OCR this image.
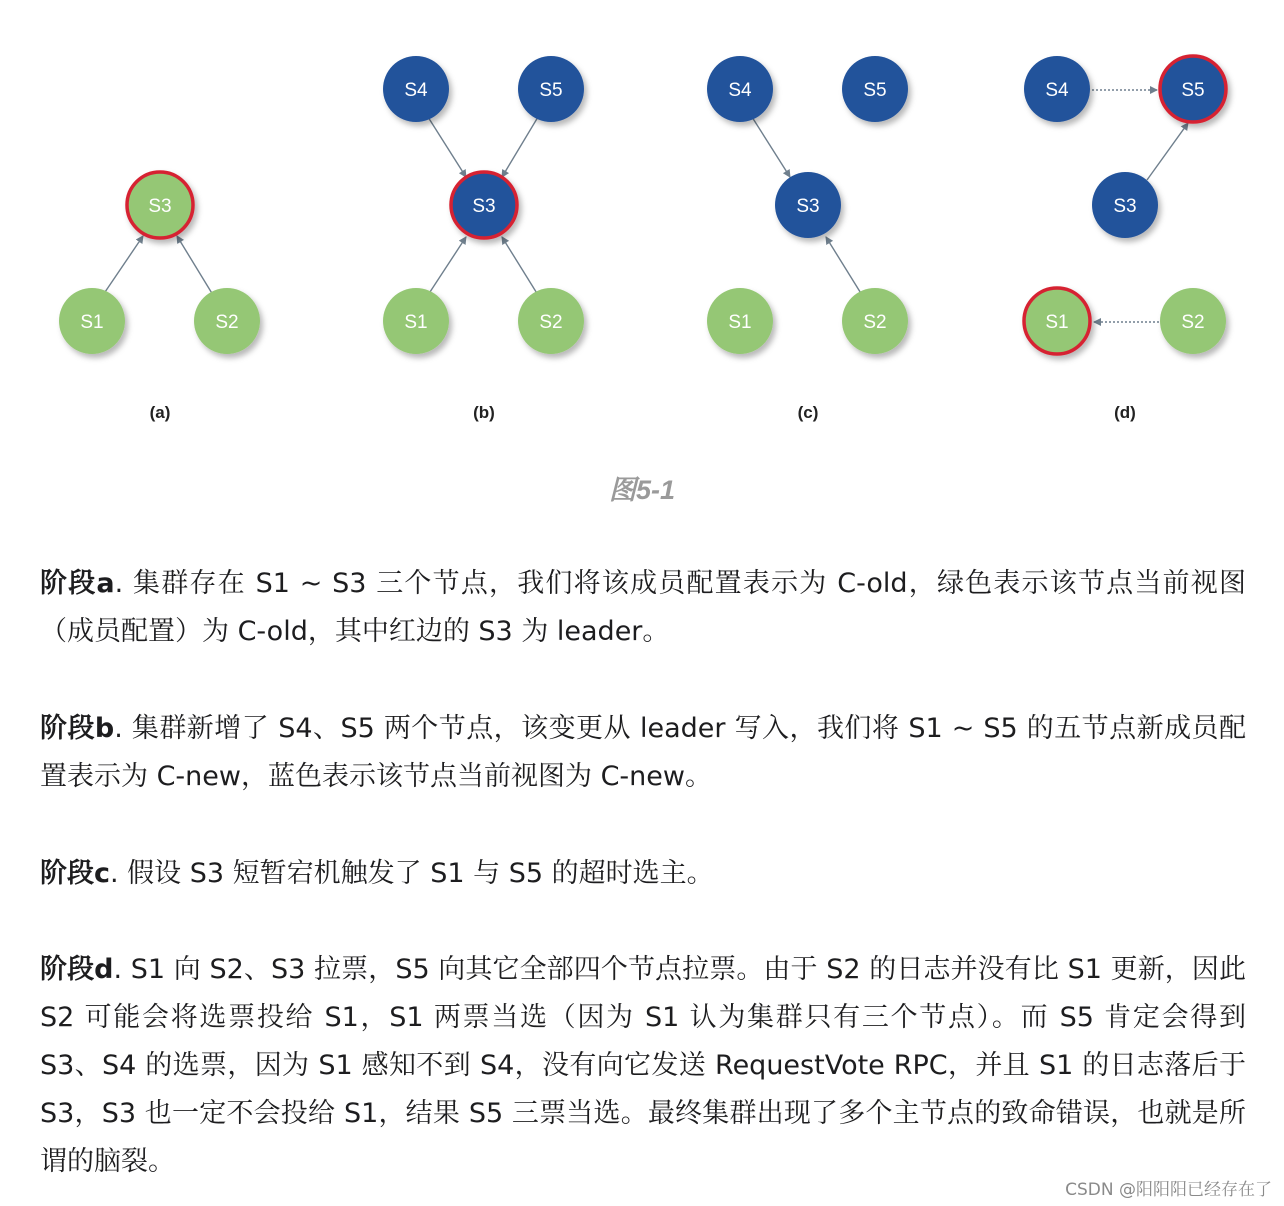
S3
S1	S2
(a)
S4	S5
S3
S1	S2
(b)
S4	S5
S3
S1	S2
(c)
S4	S5
S3
S1	S2
(d)
图5-1

阶段a. 集群存在 S1 ~ S3 三个节点，我们将该成员配置表示为 C-old，绿色表示该节点当前视图（成员配置）为 C-old，其中红边的 S3 为 leader。

阶段b. 集群新增了 S4、S5 两个节点，该变更从 leader 写入，我们将 S1 ~ S5 的五节点新成员配置表示为 C-new，蓝色表示该节点当前视图为 C-new。

阶段c. 假设 S3 短暂宕机触发了 S1 与 S5 的超时选主。

阶段d. S1 向 S2、S3 拉票，S5 向其它全部四个节点拉票。由于 S2 的日志并没有比 S1 更新，因此 S2 可能会将选票投给 S1，S1 两票当选（因为 S1 认为集群只有三个节点）。而 S5 肯定会得到 S3、S4 的选票，因为 S1 感知不到 S4，没有向它发送 RequestVote RPC，并且 S1 的日志落后于 S3，S3 也一定不会投给 S1，结果 S5 三票当选。最终集群出现了多个主节点的致命错误，也就是所谓的脑裂。

CSDN @阳阳阳已经存在了
